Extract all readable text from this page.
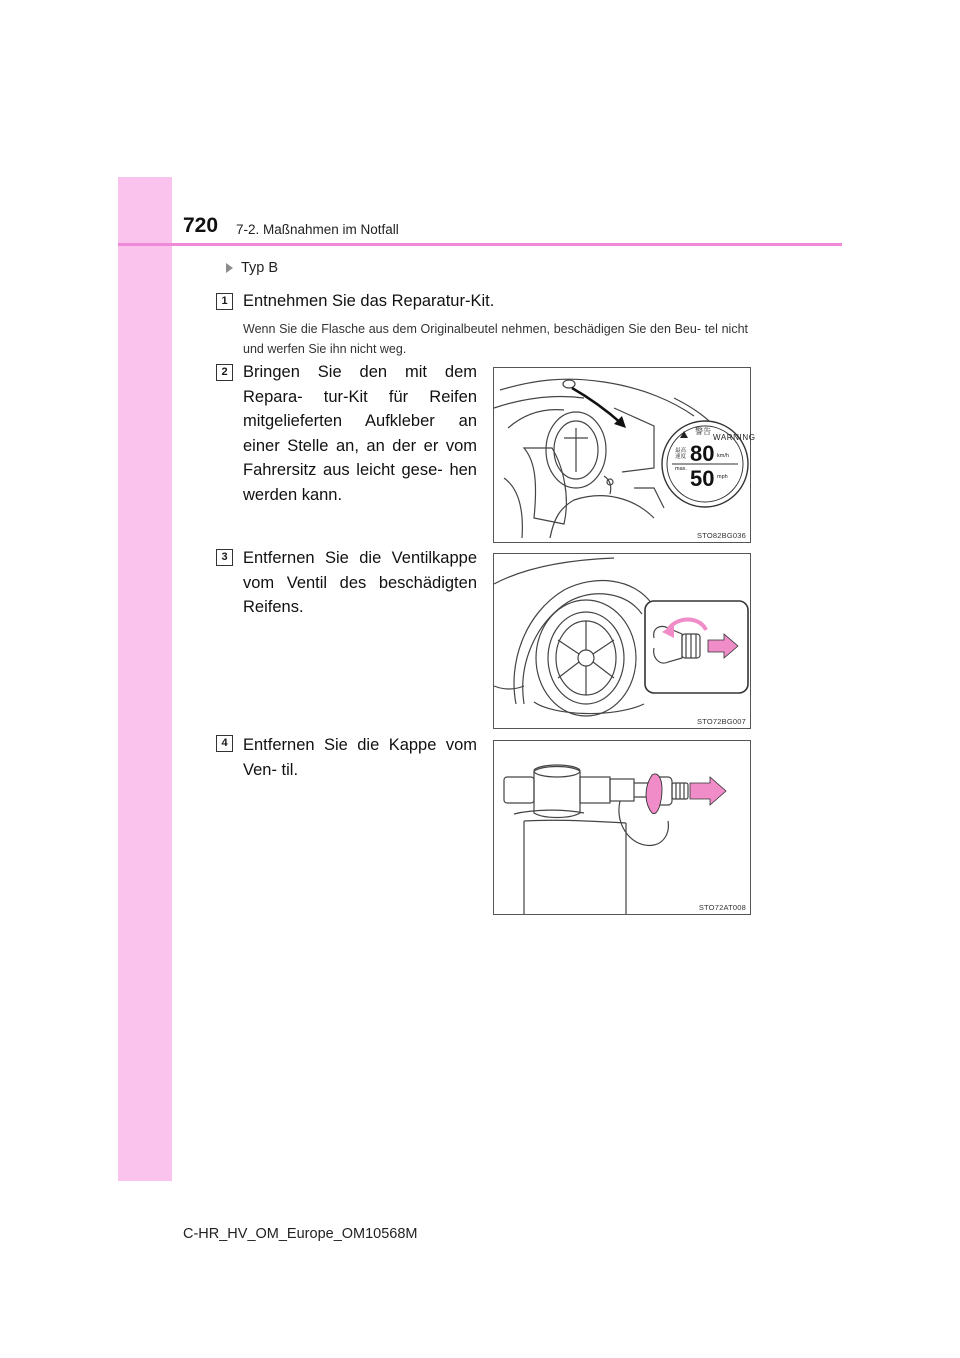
720 7-2. Maßnahmen im Notfall
Typ B
1 Entnehmen Sie das Reparatur-Kit.
Wenn Sie die Flasche aus dem Originalbeutel nehmen, beschädigen Sie den Beu- tel nicht und werfen Sie ihn nicht weg.
2 Bringen Sie den mit dem Repara- tur-Kit für Reifen mitgelieferten Aufkleber an einer Stelle an, an der er vom Fahrersitz aus leicht gese- hen werden kann.
警告
WARNING
最高
速度
max.
80
50
km/h
mph
STO82BG036
3 Entfernen Sie die Ventilkappe vom Ventil des beschädigten Reifens.
STO72BG007
4 Entfernen Sie die Kappe vom Ven- til.
STO72AT008
C-HR_HV_OM_Europe_OM10568M
